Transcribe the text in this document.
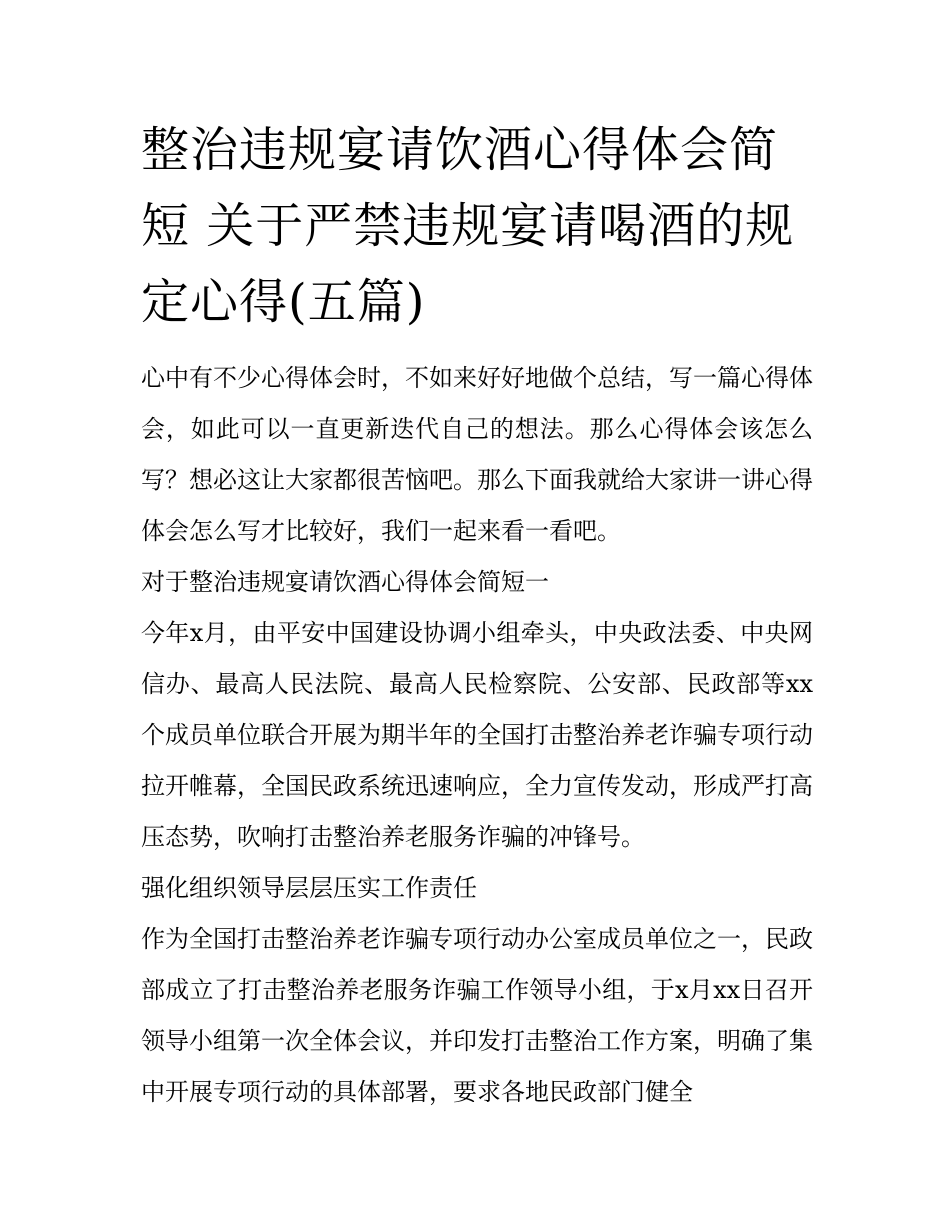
整治违规宴请饮酒心得体会简短 关于严禁违规宴请喝酒的规定心得(五篇)

心中有不少心得体会时，不如来好好地做个总结，写一篇心得体会，如此可以一直更新迭代自己的想法。那么心得体会该怎么写？想必这让大家都很苦恼吧。那么下面我就给大家讲一讲心得体会怎么写才比较好，我们一起来看一看吧。

对于整治违规宴请饮酒心得体会简短一

今年x月，由平安中国建设协调小组牵头，中央政法委、中央网信办、最高人民法院、最高人民检察院、公安部、民政部等xx个成员单位联合开展为期半年的全国打击整治养老诈骗专项行动拉开帷幕，全国民政系统迅速响应，全力宣传发动，形成严打高压态势，吹响打击整治养老服务诈骗的冲锋号。

强化组织领导层层压实工作责任

作为全国打击整治养老诈骗专项行动办公室成员单位之一，民政部成立了打击整治养老服务诈骗工作领导小组，于x月xx日召开领导小组第一次全体会议，并印发打击整治工作方案，明确了集中开展专项行动的具体部署，要求各地民政部门健全
